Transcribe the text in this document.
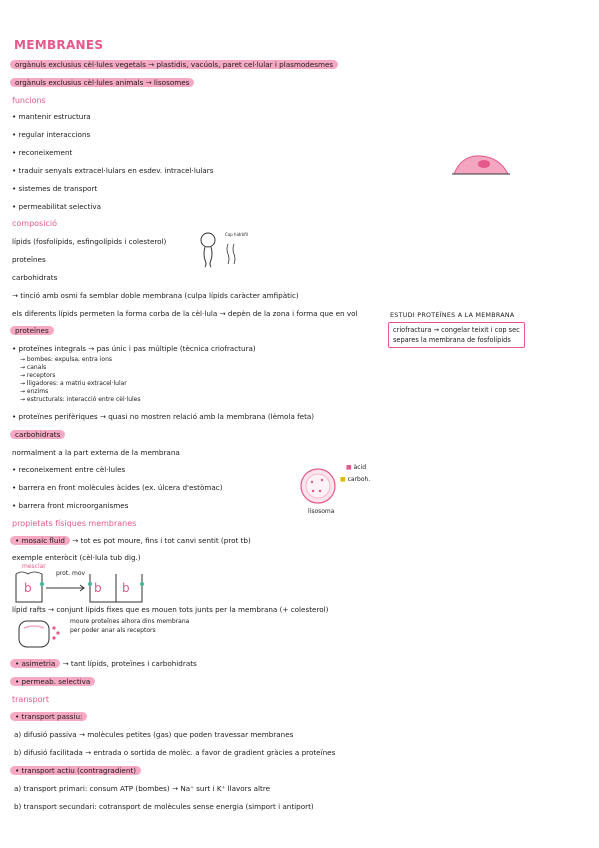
MEMBRANES
orgànuls exclusius cèl·lules vegetals → plastidis, vacúols, paret cel·lular i plasmodesmes
orgànuls exclusius cèl·lules animals → lisosomes
funcions
• mantenir estructura
• regular interaccions
• reconeixement
• traduir senyals extracel·lulars en esdev. intracel·lulars
• sistemes de transport
• permeabilitat selectiva
composició
lípids (fosfolípids, esfingolípids i colesterol)
proteïnes
carbohidrats
Cap hidròfil
→ tinció amb osmi fa semblar doble membrana (culpa lípids caràcter amfipàtic)
els diferents lípids permeten la forma corba de la cèl·lula → depèn de la zona i forma que en vol	ESTUDI PROTEÏNES A LA MEMBRANA
criofractura → congelar teixit i cop sec
separes la membrana de fosfolípids
proteïnes
• proteïnes integrals → pas únic i pas múltiple (tècnica criofractura)
→ bombes: expulsa, entra ions
→ canals
→ receptors
→ lligadores: a matriu extracel·lular
→ enzims
→ estructurals: interacció entre cèl·lules
• proteïnes perifèriques → quasi no mostren relació amb la membrana (lèmola feta)
carbohidrats
normalment a la part externa de la membrana
• reconeixement entre cèl·lules
• barrera en front molècules àcides (ex. úlcera d'estòmac)
• barrera front microorganismes
lisosoma
■ àcid
■ carboh.
propietats físiques membranes
• mosaic fluid → tot es pot moure, fins i tot canvi sentit (prot tb)
exemple enteròcit (cèl·lula tub dig.)
mesclar
prot. mov
b	b b
lípid rafts → conjunt lípids fixes que es mouen tots junts per la membrana (+ colesterol)
moure proteïnes alhora dins membrana
per poder anar als receptors
• asimetria → tant lípids, proteïnes i carbohidrats
• permeab. selectiva
transport
• transport passiu:
a) difusió passiva → molècules petites (gas) que poden travessar membranes
b) difusió facilitada → entrada o sortida de molèc. a favor de gradient gràcies a proteïnes
• transport actiu (contragradient)
a) transport primari: consum ATP (bombes) → Na⁺ surt i K⁺ llavors altre
b) transport secundari: cotransport de molècules sense energia (simport i antiport)
